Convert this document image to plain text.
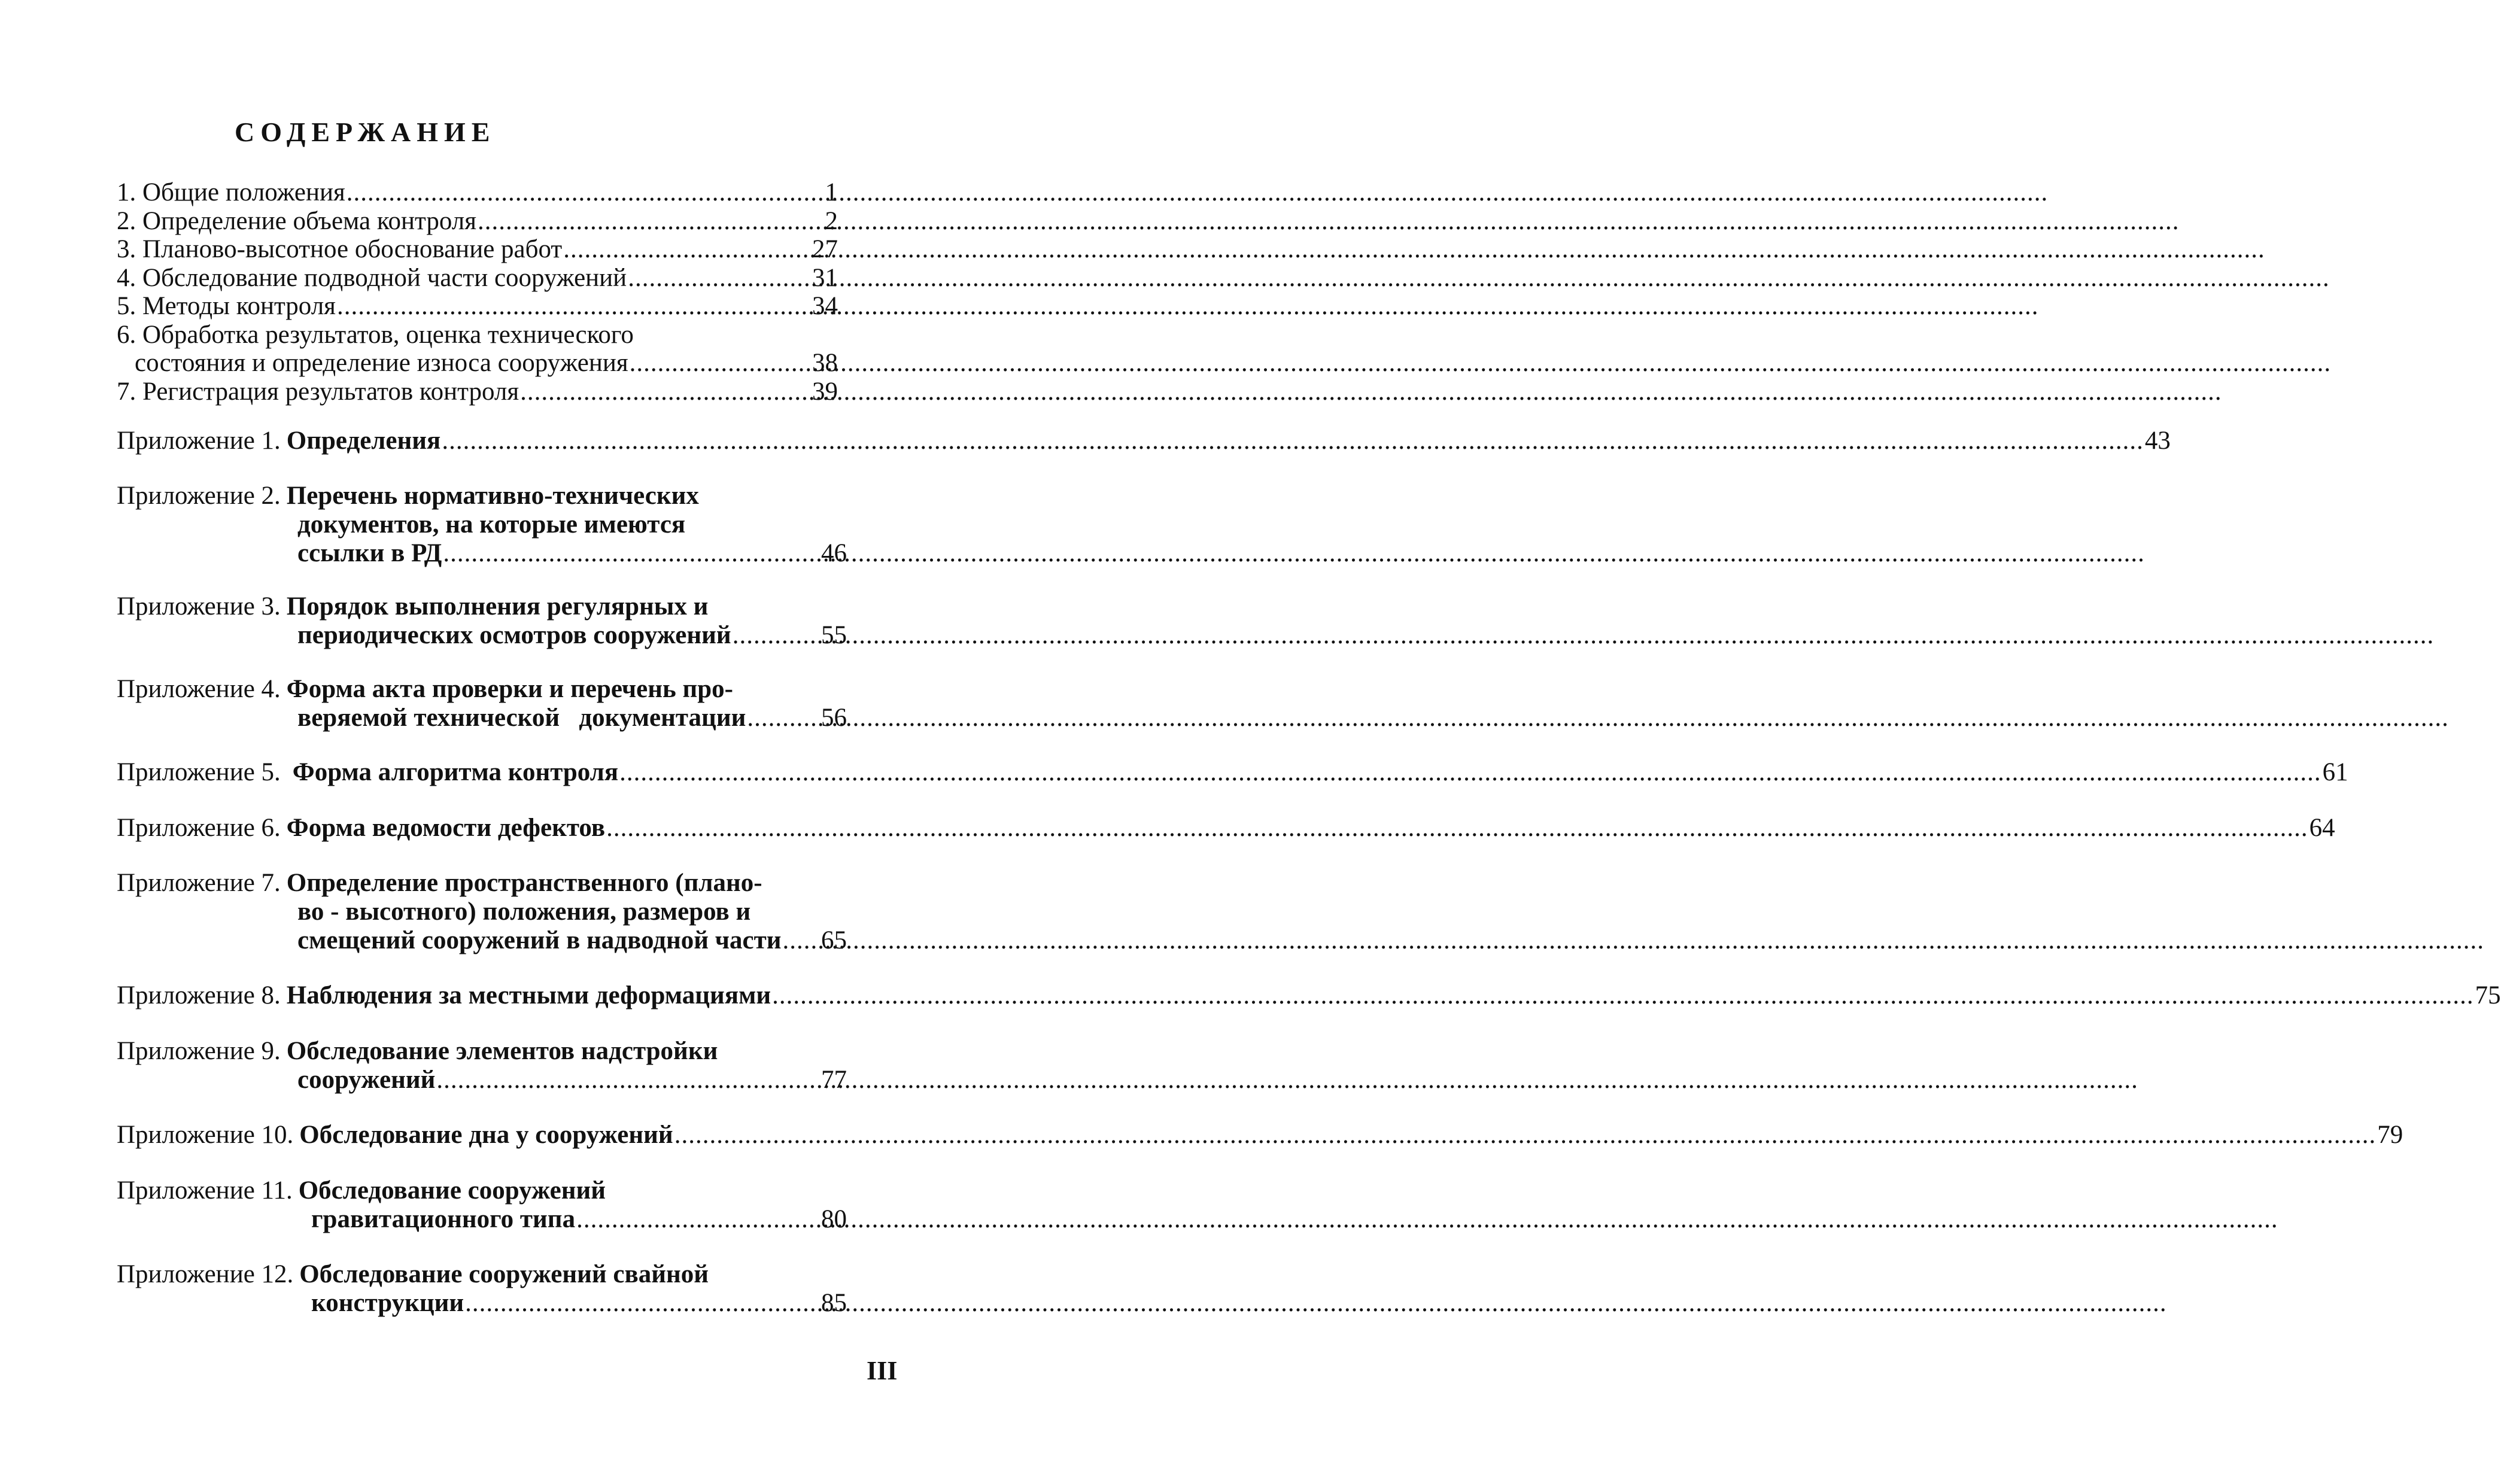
СОДЕРЖАНИЕ
1. Общие положения .....	1
2. Определение объема контроля .....	2
3. Планово-высотное обоснование работ .....	27
4. Обследование подводной части сооружений .....	31
5. Методы контроля .....	34
6. Обработка результатов, оценка технического
состояния и определение износа сооружения .....	38
7. Регистрация результатов контроля .....	39
Приложение 1. Определения .....	43
Приложение 2. Перечень нормативно-технических
документов, на которые имеются
ссылки в РД .....	46
Приложение 3. Порядок выполнения регулярных и
периодических осмотров сооружений .....	55
Приложение 4. Форма акта проверки и перечень про-
веряемой технической   документации .....	56
Приложение 5. Форма алгоритма контроля .....	61
Приложение 6. Форма ведомости дефектов .....	64
Приложение 7. Определение пространственного (плано-
во - высотного) положения, размеров и
смещений сооружений в надводной части ..... 65
Приложение 8. Наблюдения за местными деформациями .....	75
Приложение 9. Обследование элементов надстройки
сооружений .....	77
Приложение 10. Обследование дна у сооружений .....	79
Приложение 11. Обследование сооружений
гравитационного типа .....	80
Приложение 12. Обследование сооружений свайной
конструкции .....	85
III
